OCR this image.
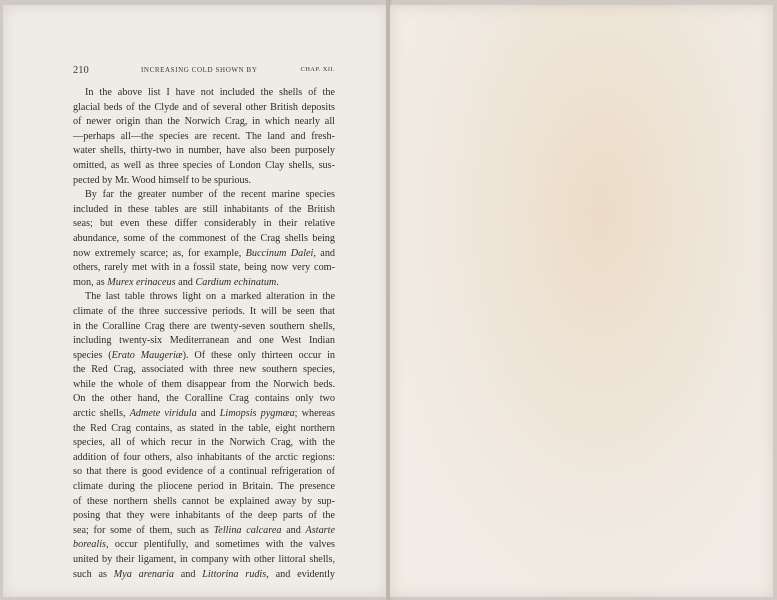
210	INCREASING COLD SHOWN BY	CHAP. XII.

In the above list I have not included the shells of the
glacial beds of the Clyde and of several other British deposits
of newer origin than the Norwich Crag, in which nearly all
—perhaps all—the species are recent. The land and fresh-
water shells, thirty-two in number, have also been purposely
omitted, as well as three species of London Clay shells, sus-
pected by Mr. Wood himself to be spurious.

By far the greater number of the recent marine species
included in these tables are still inhabitants of the British
seas; but even these differ considerably in their relative
abundance, some of the commonest of the Crag shells being
now extremely scarce; as, for example, Buccinum Dalei, and
others, rarely met with in a fossil state, being now very com-
mon, as Murex erinaceus and Cardium echinatum.

The last table throws light on a marked alteration in the
climate of the three successive periods. It will be seen that
in the Coralline Crag there are twenty-seven southern shells,
including twenty-six Mediterranean and one West Indian
species (Erato Maugeriæ). Of these only thirteen occur in
the Red Crag, associated with three new southern species,
while the whole of them disappear from the Norwich beds.
On the other hand, the Coralline Crag contains only two
arctic shells, Admete viridula and Limopsis pygmæa; whereas
the Red Crag contains, as stated in the table, eight northern
species, all of which recur in the Norwich Crag, with the
addition of four others, also inhabitants of the arctic regions:
so that there is good evidence of a continual refrigeration of
climate during the pliocene period in Britain. The presence
of these northern shells cannot be explained away by sup-
posing that they were inhabitants of the deep parts of the
sea; for some of them, such as Tellina calcarea and Astarte
borealis, occur plentifully, and sometimes with the valves
united by their ligament, in company with other littoral shells,
such as Mya arenaria and Littorina rudis, and evidently
